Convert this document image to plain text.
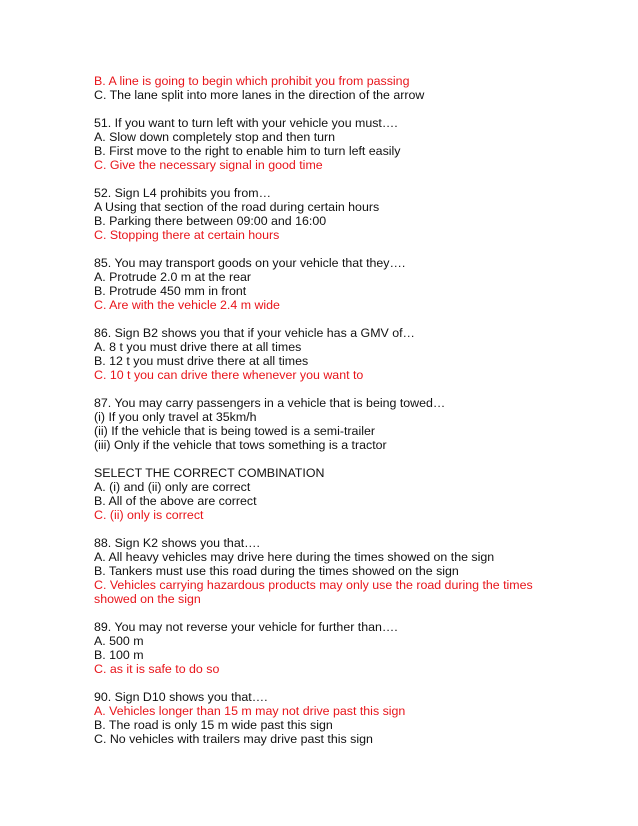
B. A line is going to begin which prohibit you from passing
C. The lane split into more lanes in the direction of the arrow
51. If you want to turn left with your vehicle you must….
A. Slow down completely stop and then turn
B. First move to the right to enable him to turn left easily
C. Give the necessary signal in good time
52. Sign L4 prohibits you from…
A Using that section of the road during certain hours
B. Parking there between 09:00 and 16:00
C. Stopping there at certain hours
85. You may transport goods on your vehicle that they….
A. Protrude 2.0 m at the rear
B. Protrude 450 mm in front
C. Are with the vehicle 2.4 m wide
86. Sign B2 shows you that if your vehicle has a GMV of…
A. 8 t you must drive there at all times
B. 12 t you must drive there at all times
C. 10 t you can drive there whenever you want to
87. You may carry passengers in a vehicle that is being towed…
(i) If you only travel at 35km/h
(ii) If the vehicle that is being towed is a semi-trailer
(iii) Only if the vehicle that tows something is a tractor
SELECT THE CORRECT COMBINATION
A. (i) and (ii) only are correct
B. All of the above are correct
C. (ii) only is correct
88. Sign K2 shows you that….
A. All heavy vehicles may drive here during the times showed on the sign
B. Tankers must use this road during the times showed on the sign
C. Vehicles carrying hazardous products may only use the road during the times showed on the sign
89. You may not reverse your vehicle for further than….
A. 500 m
B. 100 m
C. as it is safe to do so
90. Sign D10 shows you that….
A. Vehicles longer than 15 m may not drive past this sign
B. The road is only 15 m wide past this sign
C. No vehicles with trailers may drive past this sign
